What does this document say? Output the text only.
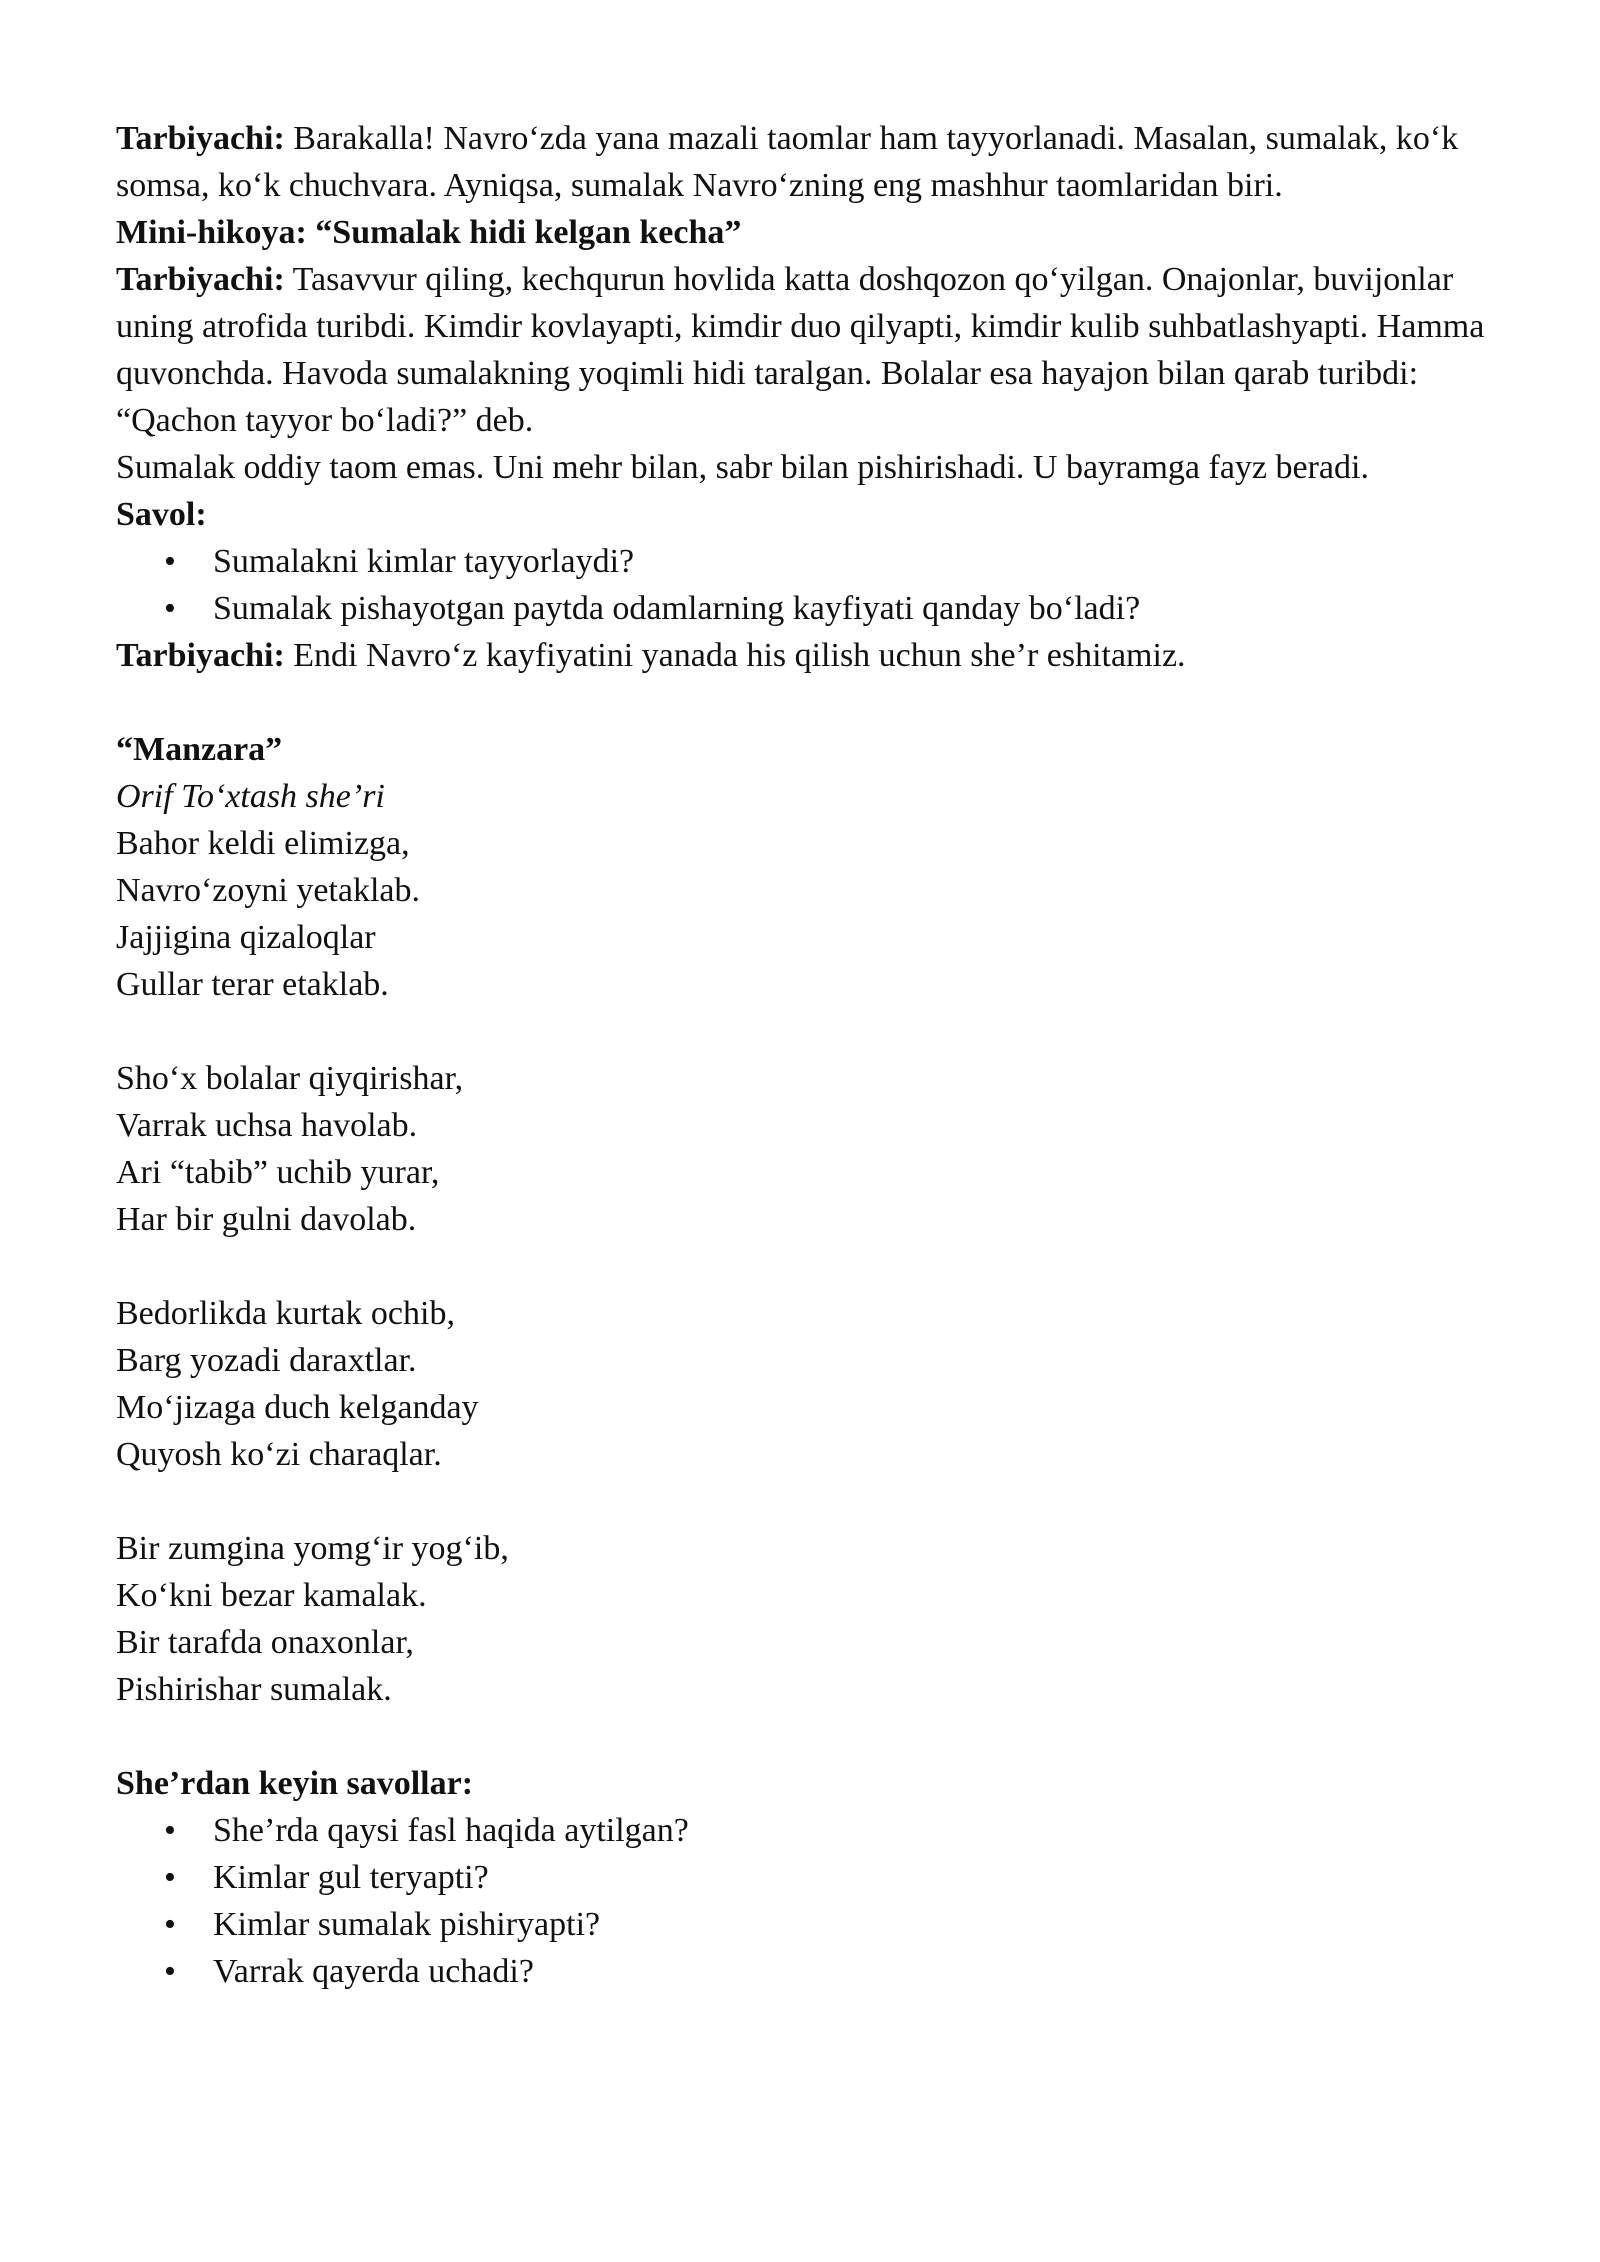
Tarbiyachi: Barakalla! Navro‘zda yana mazali taomlar ham tayyorlanadi. Masalan, sumalak, ko‘k somsa, ko‘k chuchvara. Ayniqsa, sumalak Navro‘zning eng mashhur taomlaridan biri.

Mini-hikoya: “Sumalak hidi kelgan kecha”

Tarbiyachi: Tasavvur qiling, kechqurun hovlida katta doshqozon qo‘yilgan. Onajonlar, buvijonlar uning atrofida turibdi. Kimdir kovlayapti, kimdir duo qilyapti, kimdir kulib suhbatlashyapti. Hamma quvonchda. Havoda sumalakning yoqimli hidi taralgan. Bolalar esa hayajon bilan qarab turibdi: “Qachon tayyor bo‘ladi?” deb.

Sumalak oddiy taom emas. Uni mehr bilan, sabr bilan pishirishadi. U bayramga fayz beradi.

Savol:

• Sumalakni kimlar tayyorlaydi?
• Sumalak pishayotgan paytda odamlarning kayfiyati qanday bo‘ladi?

Tarbiyachi: Endi Navro‘z kayfiyatini yanada his qilish uchun she’r eshitamiz.

“Manzara”

Orif To‘xtash she’ri

Bahor keldi elimizga,

Navro‘zoyni yetaklab.

Jajjigina qizaloqlar

Gullar terar etaklab.

Sho‘x bolalar qiyqirishar,

Varrak uchsa havolab.

Ari “tabib” uchib yurar,

Har bir gulni davolab.

Bedorlikda kurtak ochib,

Barg yozadi daraxtlar.

Mo‘jizaga duch kelganday

Quyosh ko‘zi charaqlar.

Bir zumgina yomg‘ir yog‘ib,

Ko‘kni bezar kamalak.

Bir tarafda onaxonlar,

Pishirishar sumalak.

She’rdan keyin savollar:

• She’rda qaysi fasl haqida aytilgan?
• Kimlar gul teryapti?
• Kimlar sumalak pishiryapti?
• Varrak qayerda uchadi?
